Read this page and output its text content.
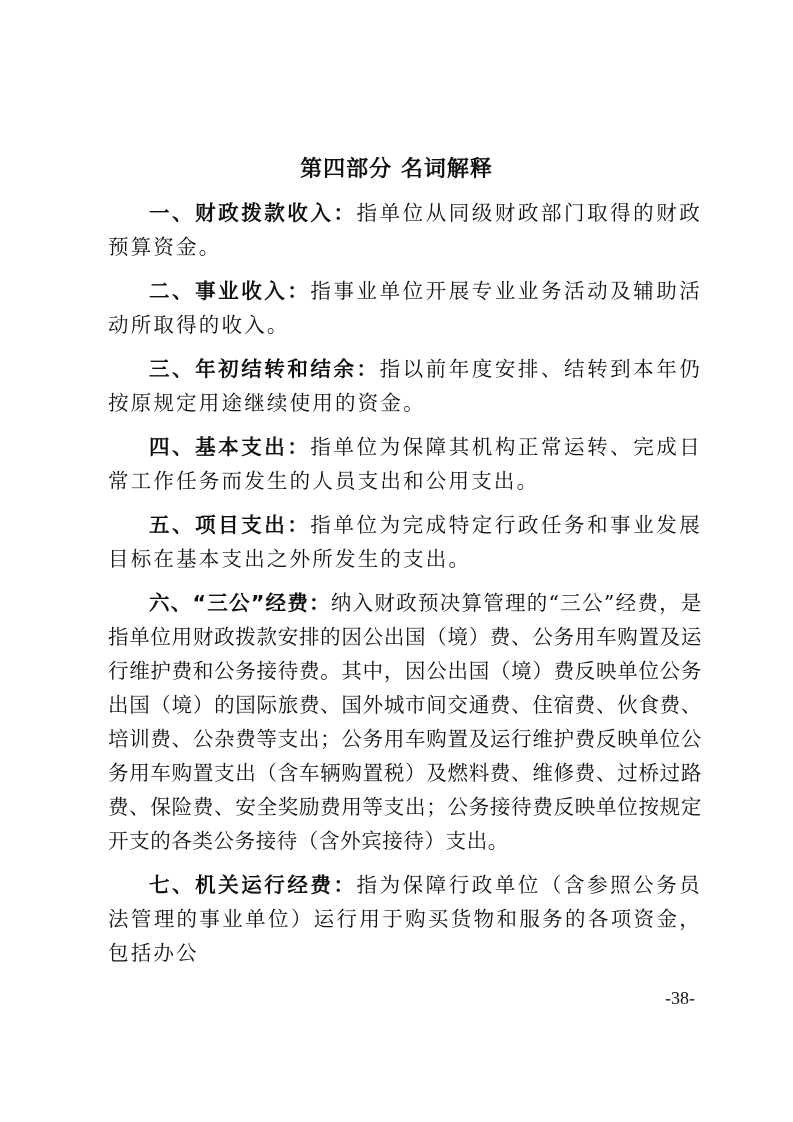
第四部分 名词解释

一、财政拨款收入：指单位从同级财政部门取得的财政预算资金。

二、事业收入：指事业单位开展专业业务活动及辅助活动所取得的收入。

三、年初结转和结余：指以前年度安排、结转到本年仍按原规定用途继续使用的资金。

四、基本支出：指单位为保障其机构正常运转、完成日常工作任务而发生的人员支出和公用支出。

五、项目支出：指单位为完成特定行政任务和事业发展目标在基本支出之外所发生的支出。

六、“三公”经费：纳入财政预决算管理的“三公”经费，是指单位用财政拨款安排的因公出国（境）费、公务用车购置及运行维护费和公务接待费。其中，因公出国（境）费反映单位公务出国（境）的国际旅费、国外城市间交通费、住宿费、伙食费、培训费、公杂费等支出；公务用车购置及运行维护费反映单位公务用车购置支出（含车辆购置税）及燃料费、维修费、过桥过路费、保险费、安全奖励费用等支出；公务接待费反映单位按规定开支的各类公务接待（含外宾接待）支出。

七、机关运行经费：指为保障行政单位（含参照公务员法管理的事业单位）运行用于购买货物和服务的各项资金，包括办公

-38-
